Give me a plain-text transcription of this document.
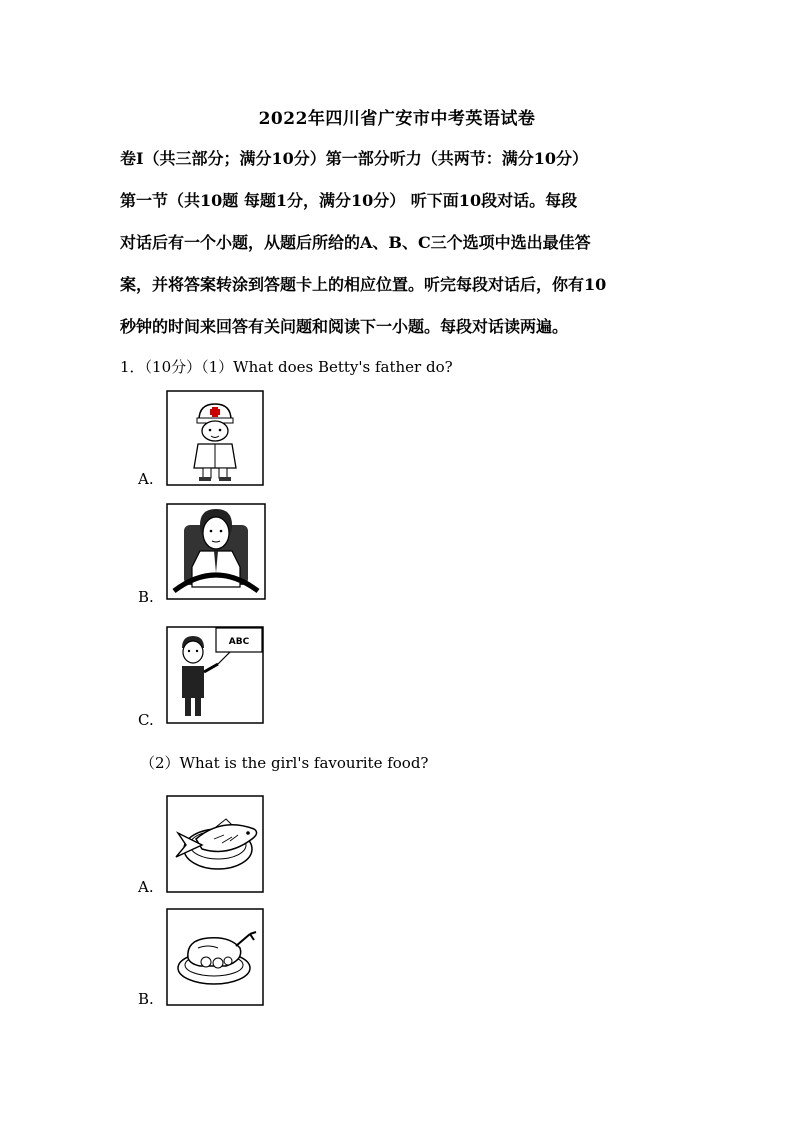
2022年四川省广安市中考英语试卷
卷I（共三部分；满分10分）第一部分听力（共两节：满分10分）
第一节（共10题 每题1分，满分10分） 听下面10段对话。每段
对话后有一个小题，从题后所给的A、B、C三个选项中选出最佳答
案，并将答案转涂到答题卡上的相应位置。听完每段对话后，你有10
秒钟的时间来回答有关问题和阅读下一小题。每段对话读两遍。
1．（10分）（1）What does Betty's father do?
A.
B.
C.
ABC
（2）What is the girl's favourite food?
A.
B.
